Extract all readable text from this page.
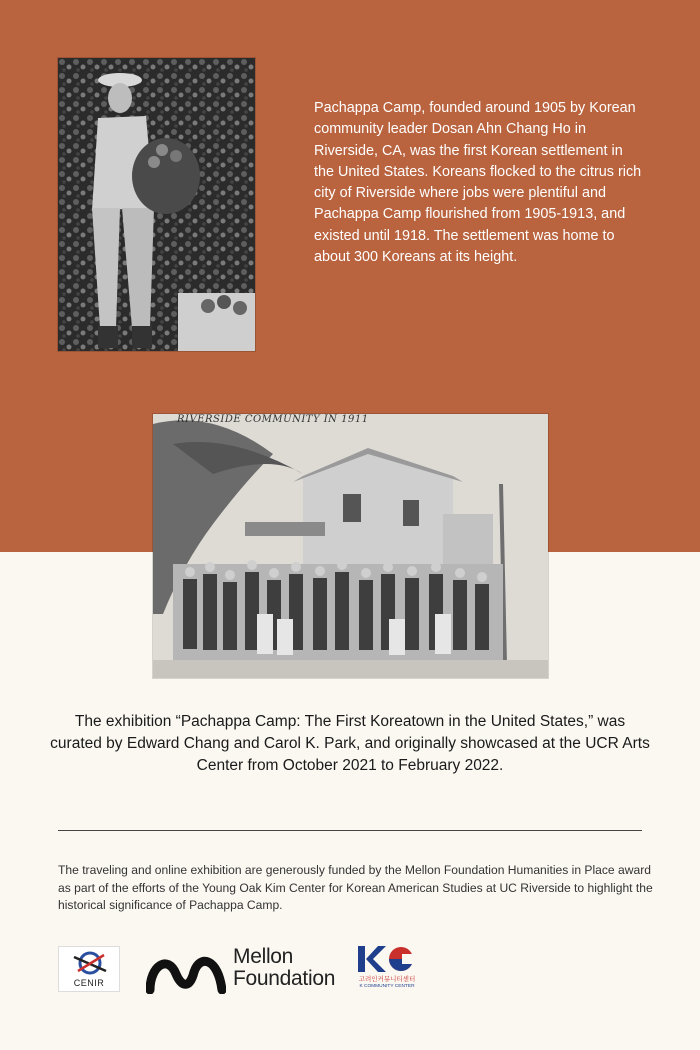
Pachappa Camp, founded around 1905 by Korean community leader Dosan Ahn Chang Ho in Riverside, CA, was the first Korean settlement in the United States. Koreans flocked to the citrus rich city of Riverside where jobs were plentiful and Pachappa Camp flourished from 1905-1913, and existed until 1918. The settlement was home to about 300 Koreans at its height.
RIVERSIDE COMMUNITY IN 1911
The exhibition “Pachappa Camp: The First Koreatown in the United States,” was curated by Edward Chang and Carol K. Park, and originally showcased at the UCR Arts Center from October 2021 to February 2022.
The traveling and online exhibition are generously funded by the Mellon Foundation Humanities in Place award as part of the efforts of the Young Oak Kim Center for Korean American Studies at UC Riverside to highlight the historical significance of Pachappa Camp.
CENIR
Mellon
Foundation	고려인커뮤니티센터
K COMMUNITY CENTER
